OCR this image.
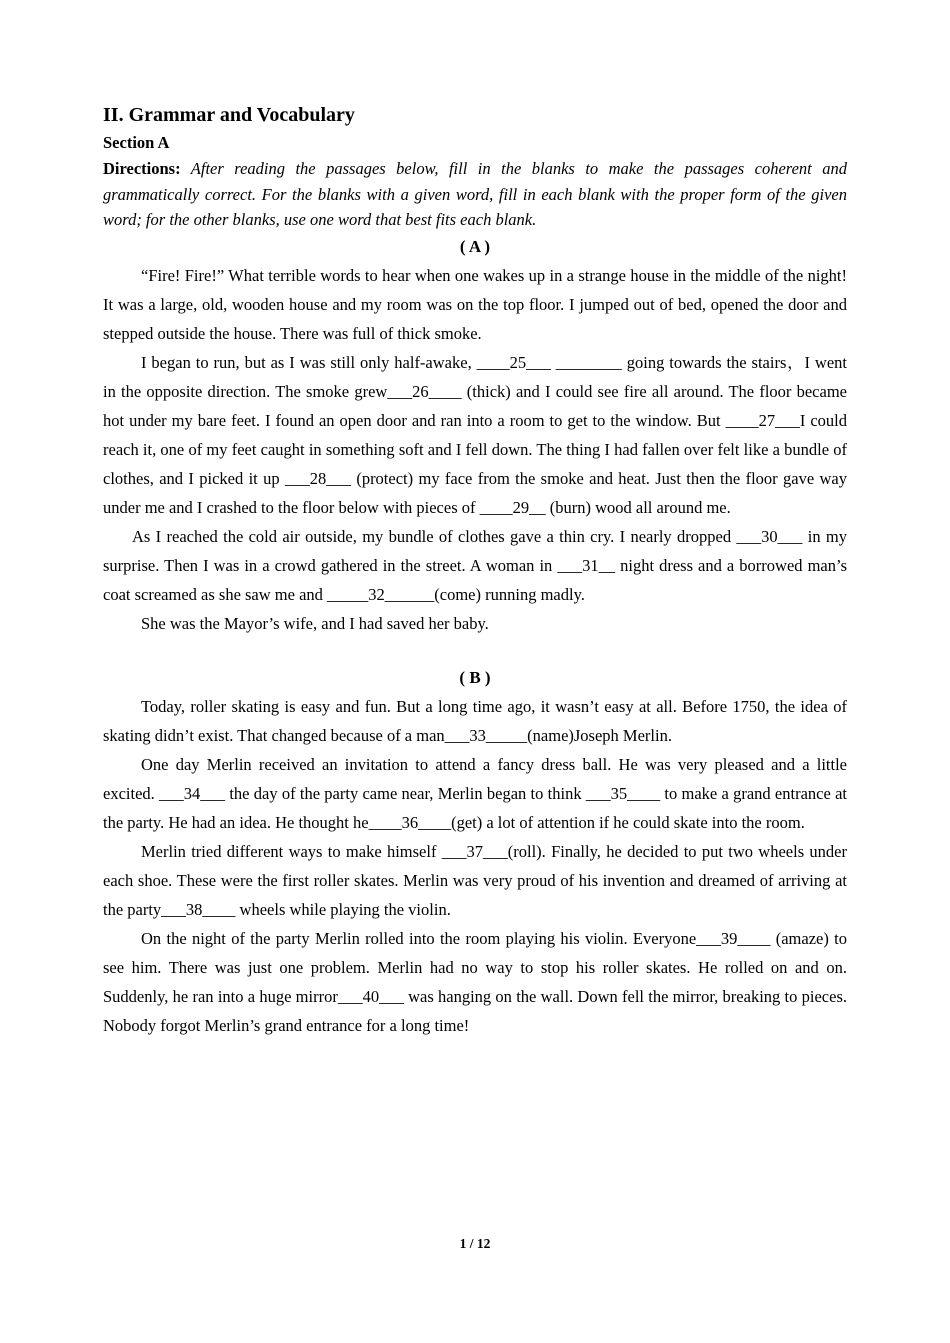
II. Grammar and Vocabulary
Section A

Directions: After reading the passages below, fill in the blanks to make the passages coherent and grammatically correct. For the blanks with a given word, fill in each blank with the proper form of the given word; for the other blanks, use one word that best fits each blank.

( A )

“Fire! Fire!” What terrible words to hear when one wakes up in a strange house in the middle of the night! It was a large, old, wooden house and my room was on the top floor. I jumped out of bed, opened the door and stepped outside the house. There was full of thick smoke.

I began to run, but as I was still only half-awake, ____25___ ________ going towards the stairs，I went in the opposite direction. The smoke grew___26____ (thick) and I could see fire all around. The floor became hot under my bare feet. I found an open door and ran into a room to get to the window. But ____27___I could reach it, one of my feet caught in something soft and I fell down. The thing I had fallen over felt like a bundle of clothes, and I picked it up ___28___ (protect) my face from the smoke and heat. Just then the floor gave way under me and I crashed to the floor below with pieces of ____29__ (burn) wood all around me.

As I reached the cold air outside, my bundle of clothes gave a thin cry. I nearly dropped ___30___ in my surprise. Then I was in a crowd gathered in the street. A woman in ___31__ night dress and a borrowed man’s coat screamed as she saw me and _____32______(come) running madly.

She was the Mayor’s wife, and I had saved her baby.

( B )

Today, roller skating is easy and fun. But a long time ago, it wasn’t easy at all. Before 1750, the idea of skating didn’t exist. That changed because of a man___33_____(name)Joseph Merlin.

One day Merlin received an invitation to attend a fancy dress ball. He was very pleased and a little excited. ___34___ the day of the party came near, Merlin began to think ___35____ to make a grand entrance at the party. He had an idea. He thought he____36____(get) a lot of attention if he could skate into the room.

Merlin tried different ways to make himself ___37___(roll). Finally, he decided to put two wheels under each shoe. These were the first roller skates. Merlin was very proud of his invention and dreamed of arriving at the party___38____ wheels while playing the violin.

On the night of the party Merlin rolled into the room playing his violin. Everyone___39____ (amaze) to see him. There was just one problem. Merlin had no way to stop his roller skates. He rolled on and on. Suddenly, he ran into a huge mirror___40___ was hanging on the wall. Down fell the mirror, breaking to pieces. Nobody forgot Merlin’s grand entrance for a long time!

1 / 12
